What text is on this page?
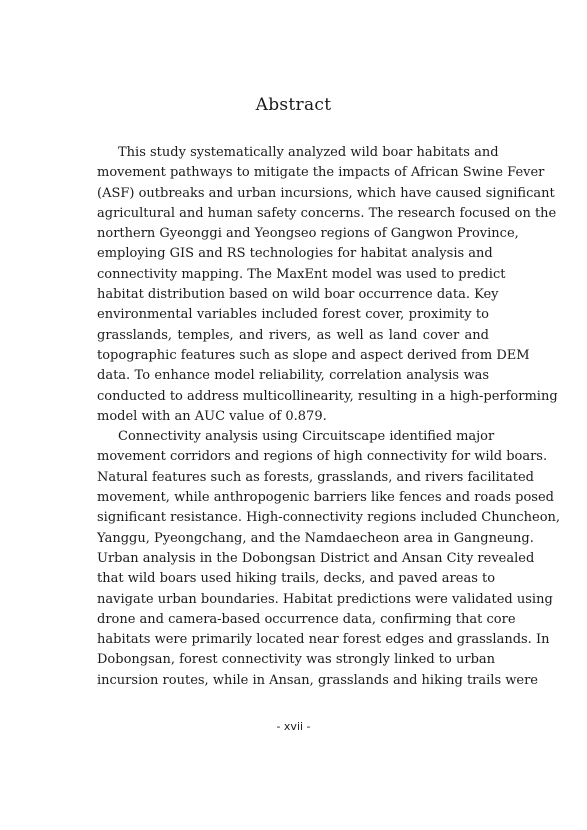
Abstract
This study systematically analyzed wild boar habitats and
movement pathways to mitigate the impacts of African Swine Fever
(ASF) outbreaks and urban incursions, which have caused significant
agricultural and human safety concerns. The research focused on the
northern Gyeonggi and Yeongseo regions of Gangwon Province,
employing GIS and RS technologies for habitat analysis and
connectivity mapping. The MaxEnt model was used to predict
habitat distribution based on wild boar occurrence data. Key
environmental variables included forest cover, proximity to
grasslands, temples, and rivers, as well as land cover and
topographic features such as slope and aspect derived from DEM
data. To enhance model reliability, correlation analysis was
conducted to address multicollinearity, resulting in a high-performing
model with an AUC value of 0.879.
Connectivity analysis using Circuitscape identified major
movement corridors and regions of high connectivity for wild boars.
Natural features such as forests, grasslands, and rivers facilitated
movement, while anthropogenic barriers like fences and roads posed
significant resistance. High-connectivity regions included Chuncheon,
Yanggu, Pyeongchang, and the Namdaecheon area in Gangneung.
Urban analysis in the Dobongsan District and Ansan City revealed
that wild boars used hiking trails, decks, and paved areas to
navigate urban boundaries. Habitat predictions were validated using
drone and camera-based occurrence data, confirming that core
habitats were primarily located near forest edges and grasslands. In
Dobongsan, forest connectivity was strongly linked to urban
incursion routes, while in Ansan, grasslands and hiking trails were
- xvii -
